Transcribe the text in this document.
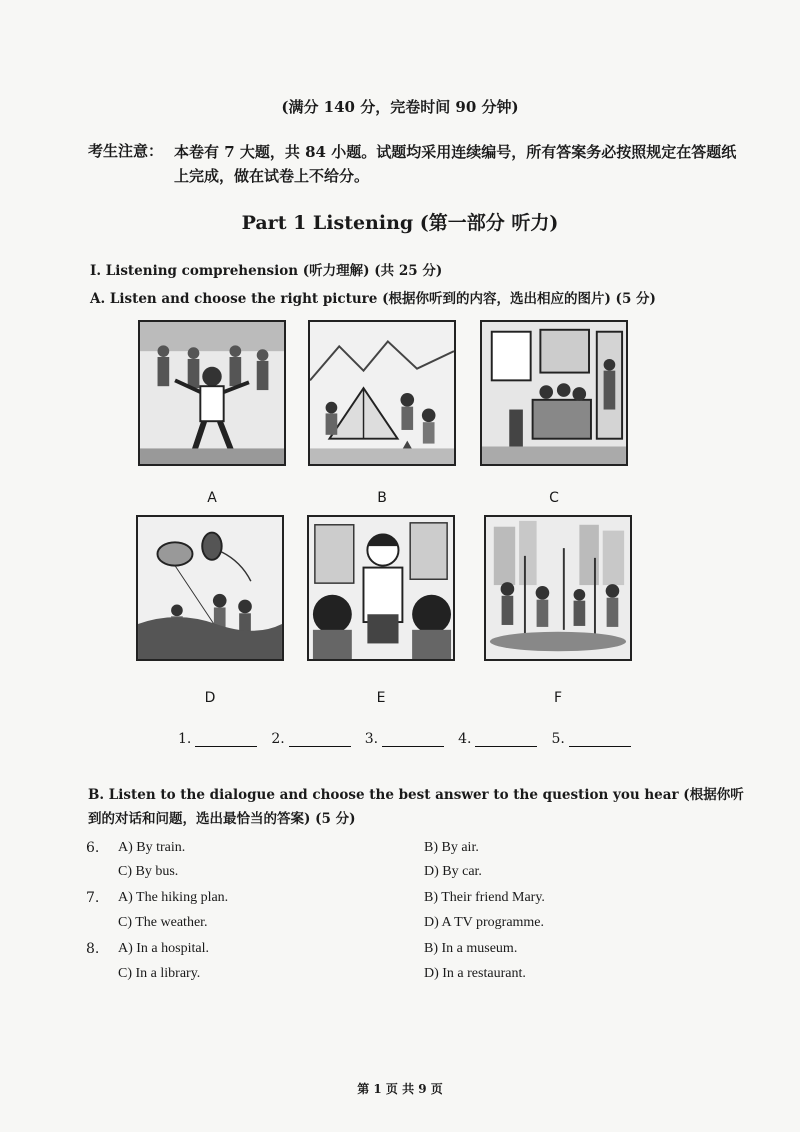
(满分 140 分，完卷时间 90 分钟)
考生注意： 本卷有 7 大题，共 84 小题。试题均采用连续编号，所有答案务必按照规定在答题纸上完成，做在试卷上不给分。
Part 1 Listening (第一部分 听力)
I. Listening comprehension (听力理解) (共 25 分)
A. Listen and choose the right picture (根据你听到的内容，选出相应的图片) (5 分)
A	B	C
D	E	F
1.	2.	3.	4.	5.
B. Listen to the dialogue and choose the best answer to the question you hear (根据你听到的对话和问题，选出最恰当的答案) (5 分)
6. A) By train.	B) By air.
C) By bus.	D) By car.
7. A) The hiking plan.	B) Their friend Mary.
C) The weather.	D) A TV programme.
8. A) In a hospital.	B) In a museum.
C) In a library.	D) In a restaurant.
第 1 页 共 9 页
